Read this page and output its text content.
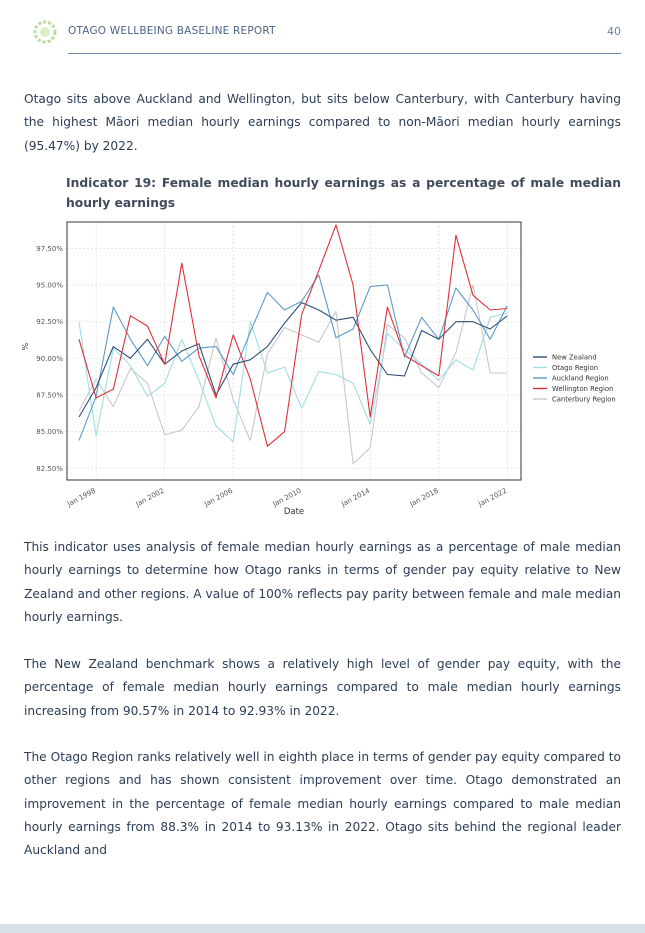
OTAGO WELLBEING BASELINE REPORT	40

Otago sits above Auckland and Wellington, but sits below Canterbury, with Canterbury having the highest Māori median hourly earnings compared to non-Māori median hourly earnings (95.47%) by 2022.

Indicator 19: Female median hourly earnings as a percentage of male median hourly earnings

82.50%
85.00%
87.50%
90.00%
92.50%
95.00%
97.50%
Jan 1998	Jan 2002	Jan 2006	Jan 2010	Jan 2014	Jan 2018	Jan 2022
%
Date
New Zealand
Otago Region
Auckland Region
Wellington Region
Canterbury Region

This indicator uses analysis of female median hourly earnings as a percentage of male median hourly earnings to determine how Otago ranks in terms of gender pay equity relative to New Zealand and other regions. A value of 100% reflects pay parity between female and male median hourly earnings.

The New Zealand benchmark shows a relatively high level of gender pay equity, with the percentage of female median hourly earnings compared to male median hourly earnings increasing from 90.57% in 2014 to 92.93% in 2022.

The Otago Region ranks relatively well in eighth place in terms of gender pay equity compared to other regions and has shown consistent improvement over time. Otago demonstrated an improvement in the percentage of female median hourly earnings compared to male median hourly earnings from 88.3% in 2014 to 93.13% in 2022. Otago sits behind the regional leader Auckland and
